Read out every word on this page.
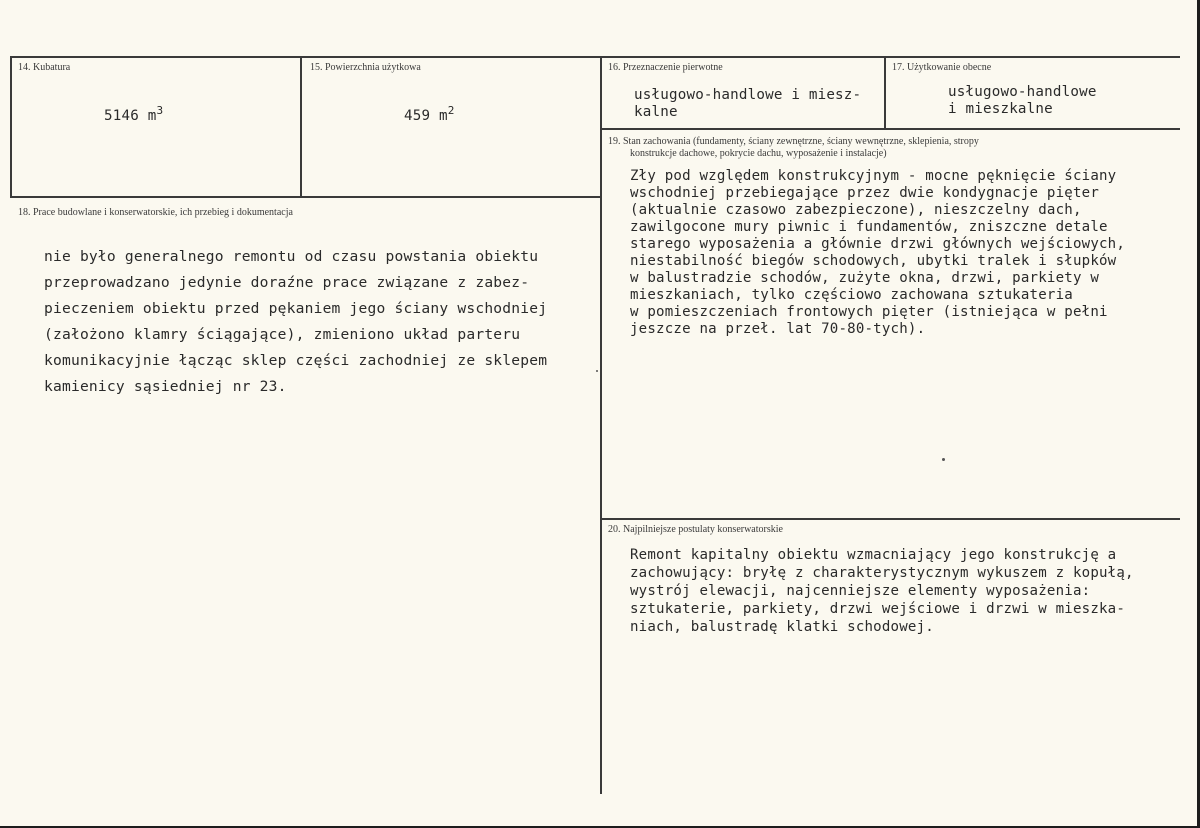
14. Kubatura
5146 $m^3$
15. Powierzchnia użytkowa
459 $m^2$
16. Przeznaczenie pierwotne
usługowo-handlowe i miesz-
kalne
17. Użytkowanie obecne
usługowo-handlowe
i mieszkalne
19. Stan zachowania (fundamenty, ściany zewnętrzne, ściany wewnętrzne, sklepienia, stropy
konstrukcje dachowe, pokrycie dachu, wyposażenie i instalacje)
Zły pod względem konstrukcyjnym - mocne pęknięcie ściany
wschodniej przebiegające przez dwie kondygnacje pięter
(aktualnie czasowo zabezpieczone), nieszczelny dach,
zawilgocone mury piwnic i fundamentów, zniszczne detale
starego wyposażenia a głównie drzwi głównych wejściowych,
niestabilność biegów schodowych, ubytki tralek i słupków
w balustradzie schodów, zużyte okna, drzwi, parkiety w
mieszkaniach, tylko częściowo zachowana sztukateria
w pomieszczeniach frontowych pięter (istniejąca w pełni
jeszcze na przeł. lat 70-80-tych).
18. Prace budowlane i konserwatorskie, ich przebieg i dokumentacja
nie było generalnego remontu od czasu powstania obiektu
przeprowadzano jedynie doraźne prace związane z zabez-
pieczeniem obiektu przed pękaniem jego ściany wschodniej
(założono klamry ściągające), zmieniono układ parteru
komunikacyjnie łącząc sklep części zachodniej ze sklepem
kamienicy sąsiedniej nr 23.
20. Najpilniejsze postulaty konserwatorskie
Remont kapitalny obiektu wzmacniający jego konstrukcję a
zachowujący: bryłę z charakterystycznym wykuszem z kopułą,
wystrój elewacji, najcenniejsze elementy wyposażenia:
sztukaterie, parkiety, drzwi wejściowe i drzwi w mieszka-
niach, balustradę klatki schodowej.
